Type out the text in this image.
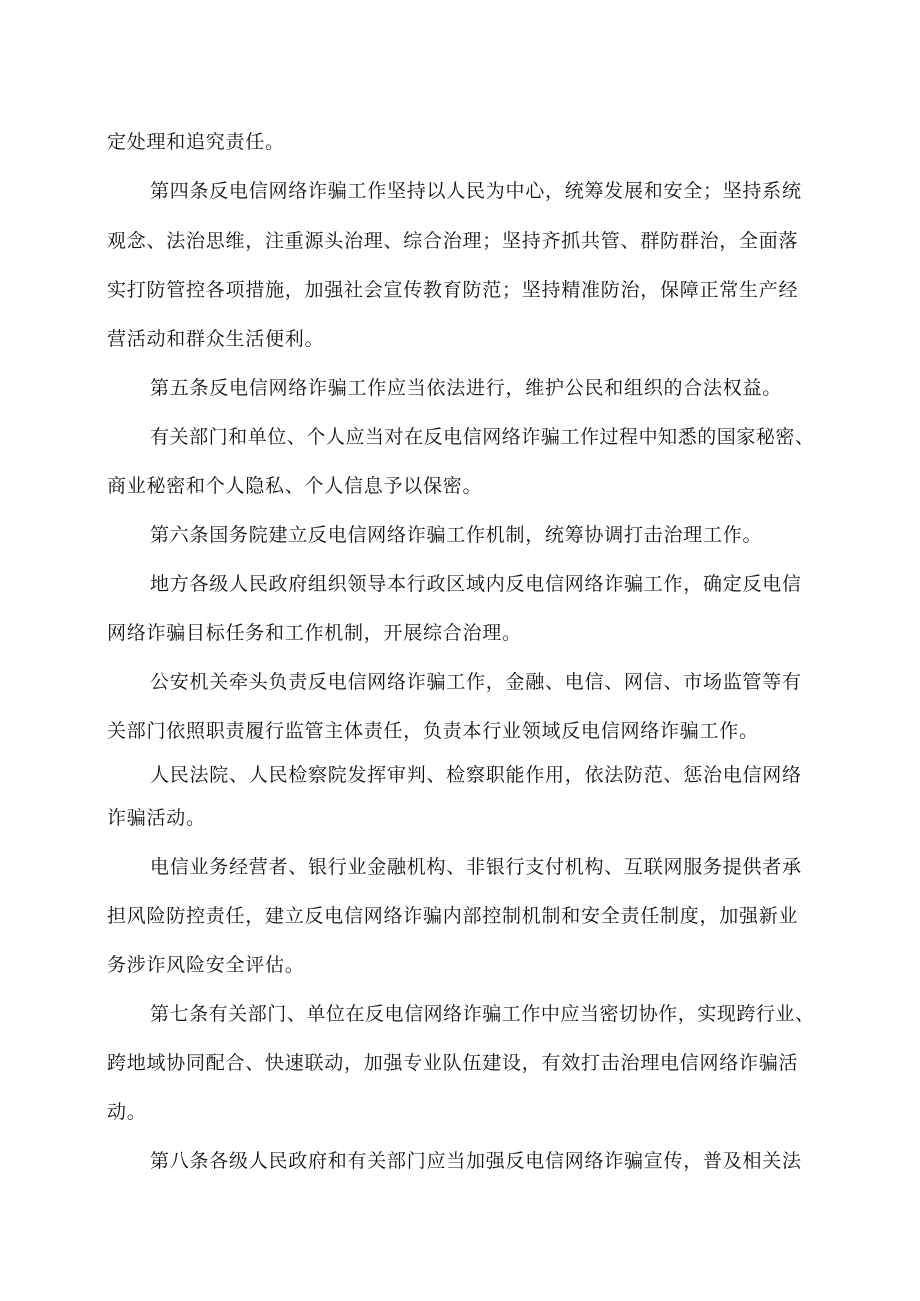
定处理和追究责任。
第四条反电信网络诈骗工作坚持以人民为中心，统筹发展和安全；坚持系统
观念、法治思维，注重源头治理、综合治理；坚持齐抓共管、群防群治，全面落
实打防管控各项措施，加强社会宣传教育防范；坚持精准防治，保障正常生产经
营活动和群众生活便利。
第五条反电信网络诈骗工作应当依法进行，维护公民和组织的合法权益。
有关部门和单位、个人应当对在反电信网络诈骗工作过程中知悉的国家秘密、
商业秘密和个人隐私、个人信息予以保密。
第六条国务院建立反电信网络诈骗工作机制，统筹协调打击治理工作。
地方各级人民政府组织领导本行政区域内反电信网络诈骗工作，确定反电信
网络诈骗目标任务和工作机制，开展综合治理。
公安机关牵头负责反电信网络诈骗工作，金融、电信、网信、市场监管等有
关部门依照职责履行监管主体责任，负责本行业领域反电信网络诈骗工作。
人民法院、人民检察院发挥审判、检察职能作用，依法防范、惩治电信网络
诈骗活动。
电信业务经营者、银行业金融机构、非银行支付机构、互联网服务提供者承
担风险防控责任，建立反电信网络诈骗内部控制机制和安全责任制度，加强新业
务涉诈风险安全评估。
第七条有关部门、单位在反电信网络诈骗工作中应当密切协作，实现跨行业、
跨地域协同配合、快速联动，加强专业队伍建设，有效打击治理电信网络诈骗活
动。
第八条各级人民政府和有关部门应当加强反电信网络诈骗宣传，普及相关法
